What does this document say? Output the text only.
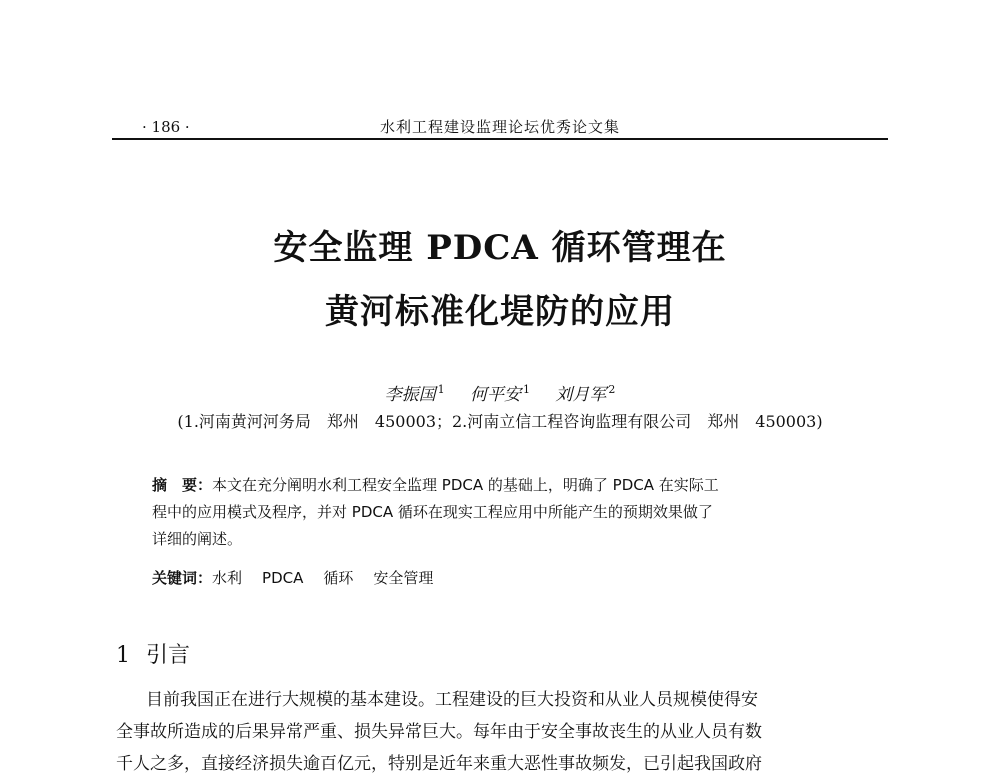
· 186 ·	水利工程建设监理论坛优秀论文集
安全监理 PDCA 循环管理在
黄河标准化堤防的应用
李振国 $^1$ 何平安 $^1$ 刘月军 $^2$
(1.河南黄河河务局　郑州　450003；2.河南立信工程咨询监理有限公司　郑州　450003)
摘　要：本文在充分阐明水利工程安全监理 PDCA 的基础上，明确了 PDCA 在实际工
程中的应用模式及程序，并对 PDCA 循环在现实工程应用中所能产生的预期效果做了
详细的阐述。
关键词：水利 PDCA 循环 安全管理
1 引言
目前我国正在进行大规模的基本建设。工程建设的巨大投资和从业人员规模使得安
全事故所造成的后果异常严重、损失异常巨大。每年由于安全事故丧生的从业人员有数
千人之多，直接经济损失逾百亿元，特别是近年来重大恶性事故频发，已引起我国政府
